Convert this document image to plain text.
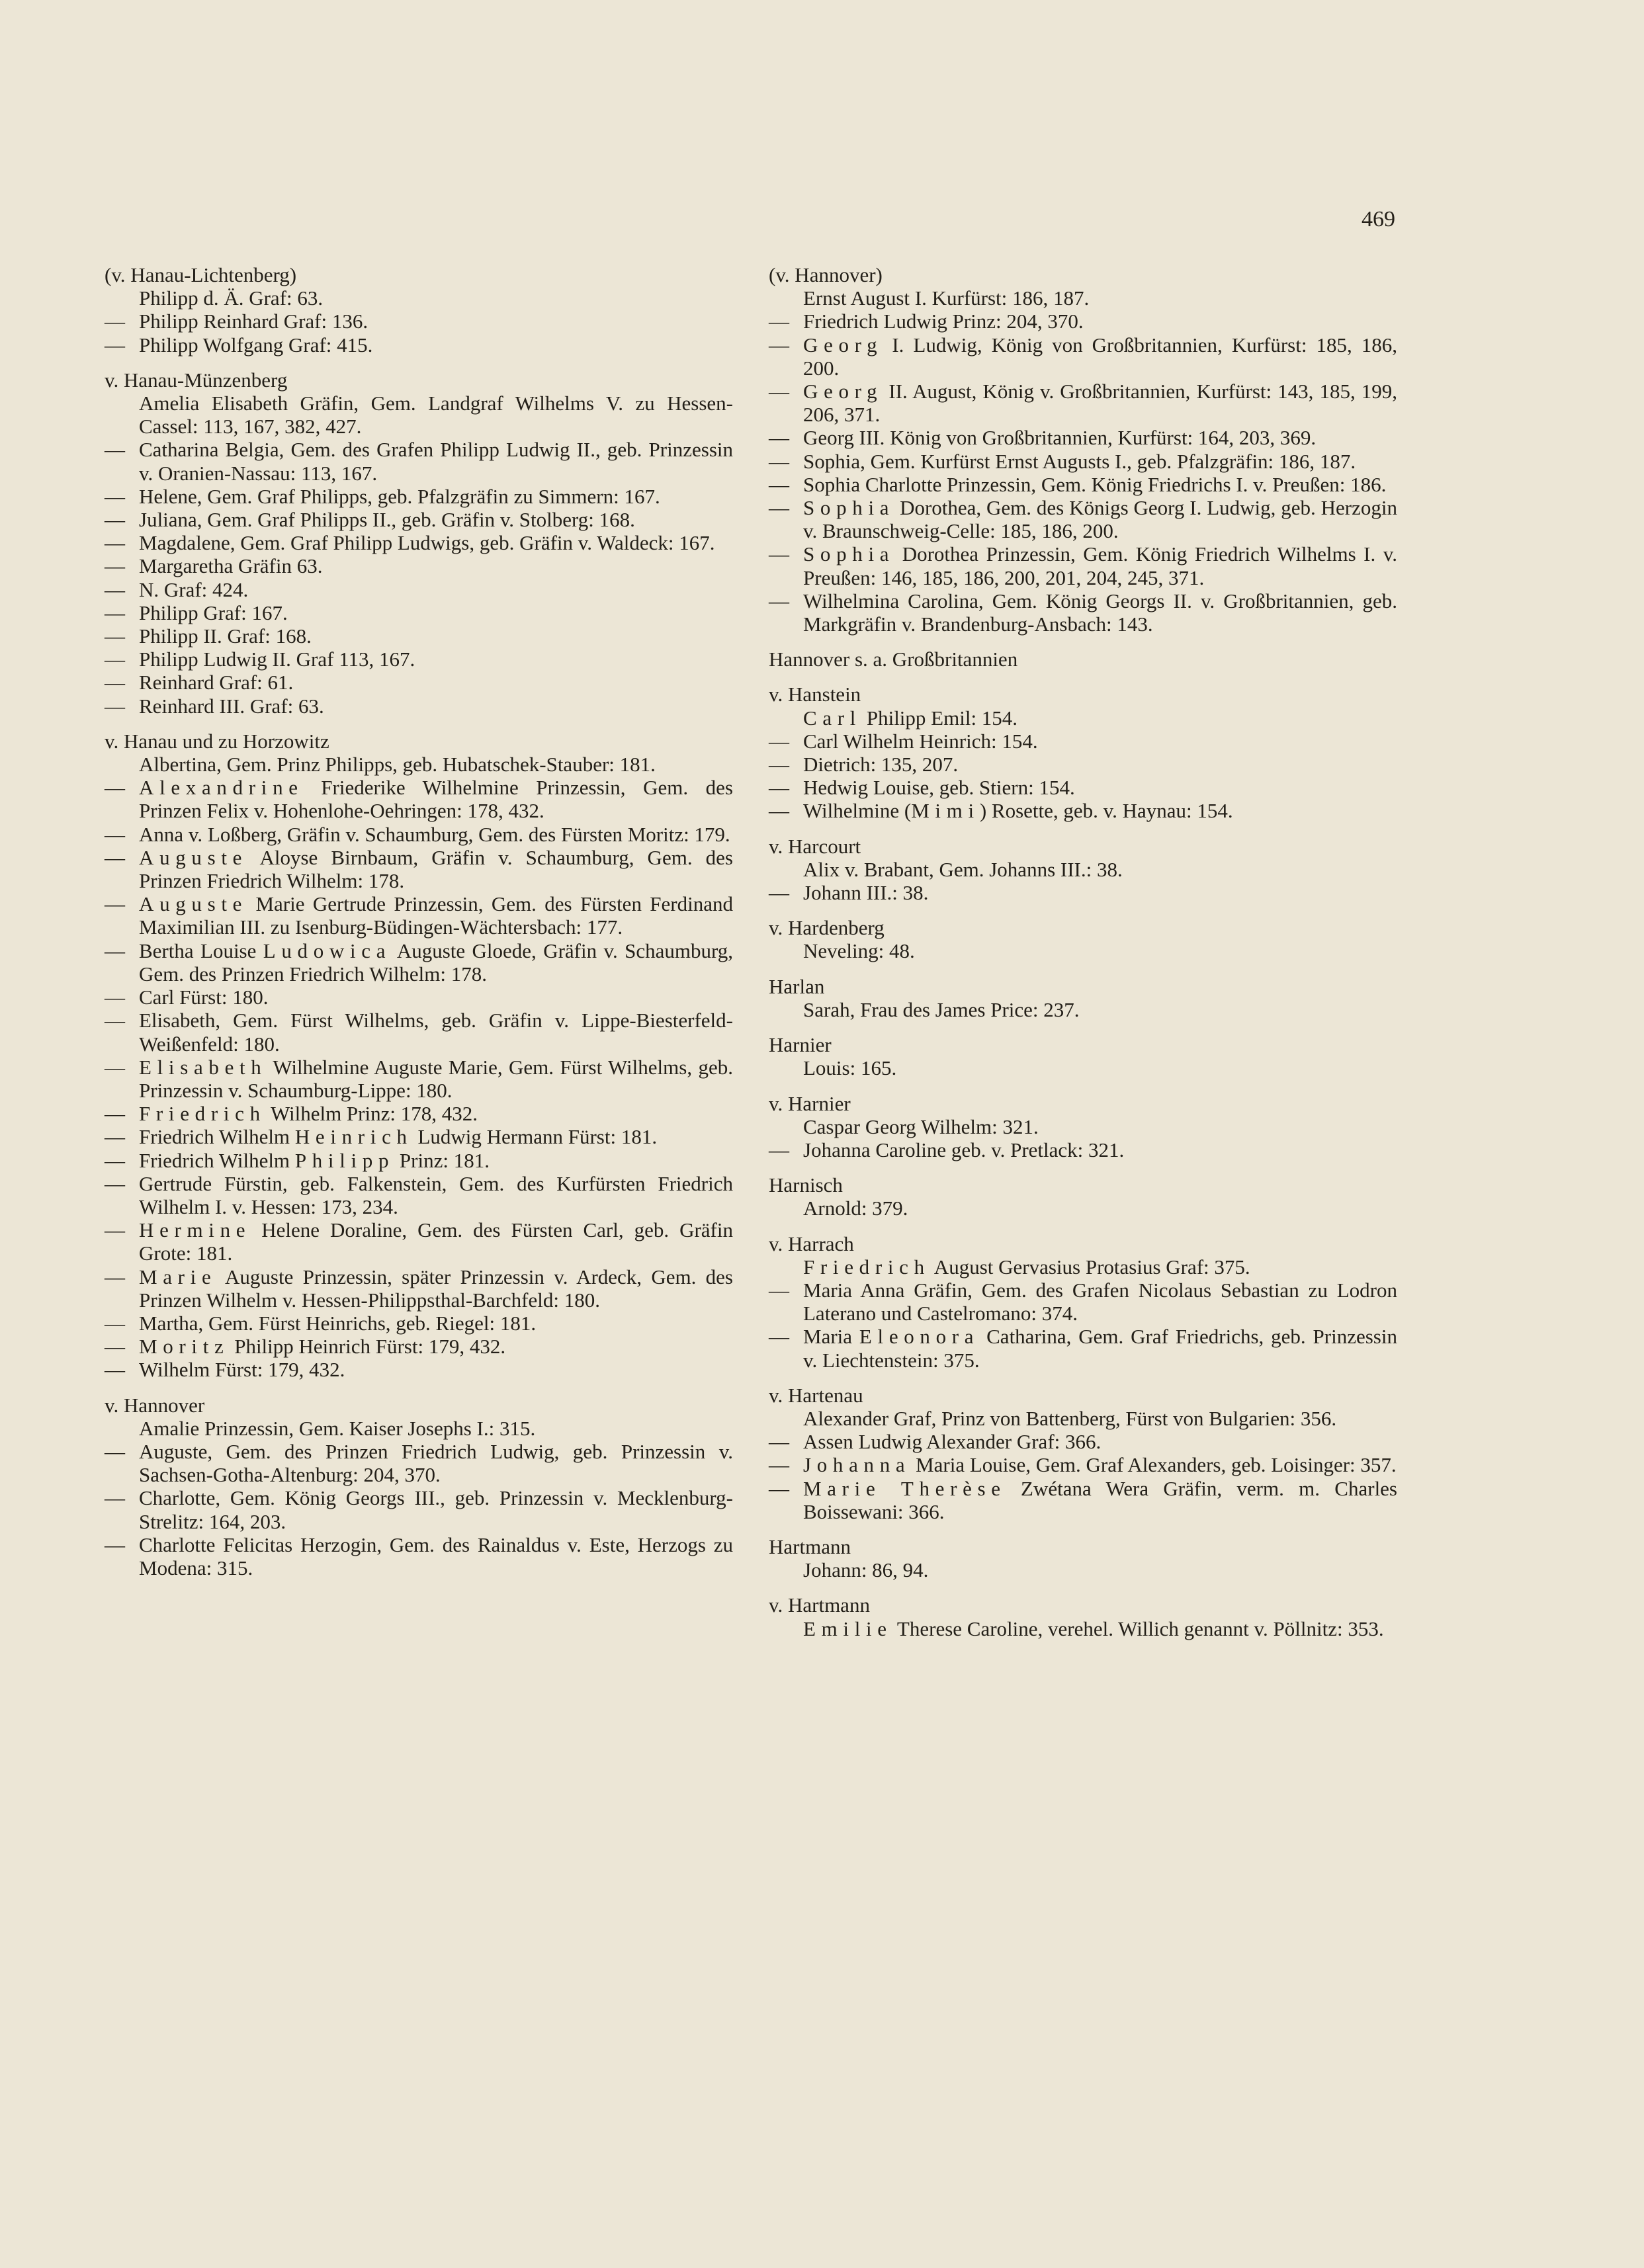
469
(v. Hanau-Lichtenberg)
Philipp d. Ä. Graf: 63.
— Philipp Reinhard Graf: 136.
— Philipp Wolfgang Graf: 415.
v. Hanau-Münzenberg
Amelia Elisabeth Gräfin, Gem. Landgraf Wilhelms V. zu Hessen-Cassel: 113, 167, 382, 427.
— Catharina Belgia, Gem. des Grafen Philipp Ludwig II., geb. Prinzessin v. Oranien-Nassau: 113, 167.
— Helene, Gem. Graf Philipps, geb. Pfalzgräfin zu Simmern: 167.
— Juliana, Gem. Graf Philipps II., geb. Gräfin v. Stolberg: 168.
— Magdalene, Gem. Graf Philipp Ludwigs, geb. Gräfin v. Waldeck: 167.
— Margaretha Gräfin 63.
— N. Graf: 424.
— Philipp Graf: 167.
— Philipp II. Graf: 168.
— Philipp Ludwig II. Graf 113, 167.
— Reinhard Graf: 61.
— Reinhard III. Graf: 63.
v. Hanau und zu Horzowitz
Albertina, Gem. Prinz Philipps, geb. Hubatschek-Stauber: 181.
— Alexandrine Friederike Wilhelmine Prinzessin, Gem. des Prinzen Felix v. Hohenlohe-Oehringen: 178, 432.
— Anna v. Loßberg, Gräfin v. Schaumburg, Gem. des Fürsten Moritz: 179.
— Auguste Aloyse Birnbaum, Gräfin v. Schaumburg, Gem. des Prinzen Friedrich Wilhelm: 178.
— Auguste Marie Gertrude Prinzessin, Gem. des Fürsten Ferdinand Maximilian III. zu Isenburg-Büdingen-Wächtersbach: 177.
— Bertha Louise Ludowica Auguste Gloede, Gräfin v. Schaumburg, Gem. des Prinzen Friedrich Wilhelm: 178.
— Carl Fürst: 180.
— Elisabeth, Gem. Fürst Wilhelms, geb. Gräfin v. Lippe-Biesterfeld-Weißenfeld: 180.
— Elisabeth Wilhelmine Auguste Marie, Gem. Fürst Wilhelms, geb. Prinzessin v. Schaumburg-Lippe: 180.
— Friedrich Wilhelm Prinz: 178, 432.
— Friedrich Wilhelm Heinrich Ludwig Hermann Fürst: 181.
— Friedrich Wilhelm Philipp Prinz: 181.
— Gertrude Fürstin, geb. Falkenstein, Gem. des Kurfürsten Friedrich Wilhelm I. v. Hessen: 173, 234.
— Hermine Helene Doraline, Gem. des Fürsten Carl, geb. Gräfin Grote: 181.
— Marie Auguste Prinzessin, später Prinzessin v. Ardeck, Gem. des Prinzen Wilhelm v. Hessen-Philippsthal-Barchfeld: 180.
— Martha, Gem. Fürst Heinrichs, geb. Riegel: 181.
— Moritz Philipp Heinrich Fürst: 179, 432.
— Wilhelm Fürst: 179, 432.
v. Hannover
Amalie Prinzessin, Gem. Kaiser Josephs I.: 315.
— Auguste, Gem. des Prinzen Friedrich Ludwig, geb. Prinzessin v. Sachsen-Gotha-Altenburg: 204, 370.
— Charlotte, Gem. König Georgs III., geb. Prinzessin v. Mecklenburg-Strelitz: 164, 203.
— Charlotte Felicitas Herzogin, Gem. des Rainaldus v. Este, Herzogs zu Modena: 315.
(v. Hannover)
Ernst August I. Kurfürst: 186, 187.
— Friedrich Ludwig Prinz: 204, 370.
— Georg I. Ludwig, König von Großbritannien, Kurfürst: 185, 186, 200.
— Georg II. August, König v. Großbritannien, Kurfürst: 143, 185, 199, 206, 371.
— Georg III. König von Großbritannien, Kurfürst: 164, 203, 369.
— Sophia, Gem. Kurfürst Ernst Augusts I., geb. Pfalzgräfin: 186, 187.
— Sophia Charlotte Prinzessin, Gem. König Friedrichs I. v. Preußen: 186.
— Sophia Dorothea, Gem. des Königs Georg I. Ludwig, geb. Herzogin v. Braunschweig-Celle: 185, 186, 200.
— Sophia Dorothea Prinzessin, Gem. König Friedrich Wilhelms I. v. Preußen: 146, 185, 186, 200, 201, 204, 245, 371.
— Wilhelmina Carolina, Gem. König Georgs II. v. Großbritannien, geb. Markgräfin v. Brandenburg-Ansbach: 143.
Hannover s. a. Großbritannien
v. Hanstein
Carl Philipp Emil: 154.
— Carl Wilhelm Heinrich: 154.
— Dietrich: 135, 207.
— Hedwig Louise, geb. Stiern: 154.
— Wilhelmine (Mimi) Rosette, geb. v. Haynau: 154.
v. Harcourt
Alix v. Brabant, Gem. Johanns III.: 38.
— Johann III.: 38.
v. Hardenberg
Neveling: 48.
Harlan
Sarah, Frau des James Price: 237.
Harnier
Louis: 165.
v. Harnier
Caspar Georg Wilhelm: 321.
— Johanna Caroline geb. v. Pretlack: 321.
Harnisch
Arnold: 379.
v. Harrach
Friedrich August Gervasius Protasius Graf: 375.
— Maria Anna Gräfin, Gem. des Grafen Nicolaus Sebastian zu Lodron Laterano und Castelromano: 374.
— Maria Eleonora Catharina, Gem. Graf Friedrichs, geb. Prinzessin v. Liechtenstein: 375.
v. Hartenau
Alexander Graf, Prinz von Battenberg, Fürst von Bulgarien: 356.
— Assen Ludwig Alexander Graf: 366.
— Johanna Maria Louise, Gem. Graf Alexanders, geb. Loisinger: 357.
— Marie Therèse Zwétana Wera Gräfin, verm. m. Charles Boissewani: 366.
Hartmann
Johann: 86, 94.
v. Hartmann
Emilie Therese Caroline, verehel. Willich genannt v. Pöllnitz: 353.
